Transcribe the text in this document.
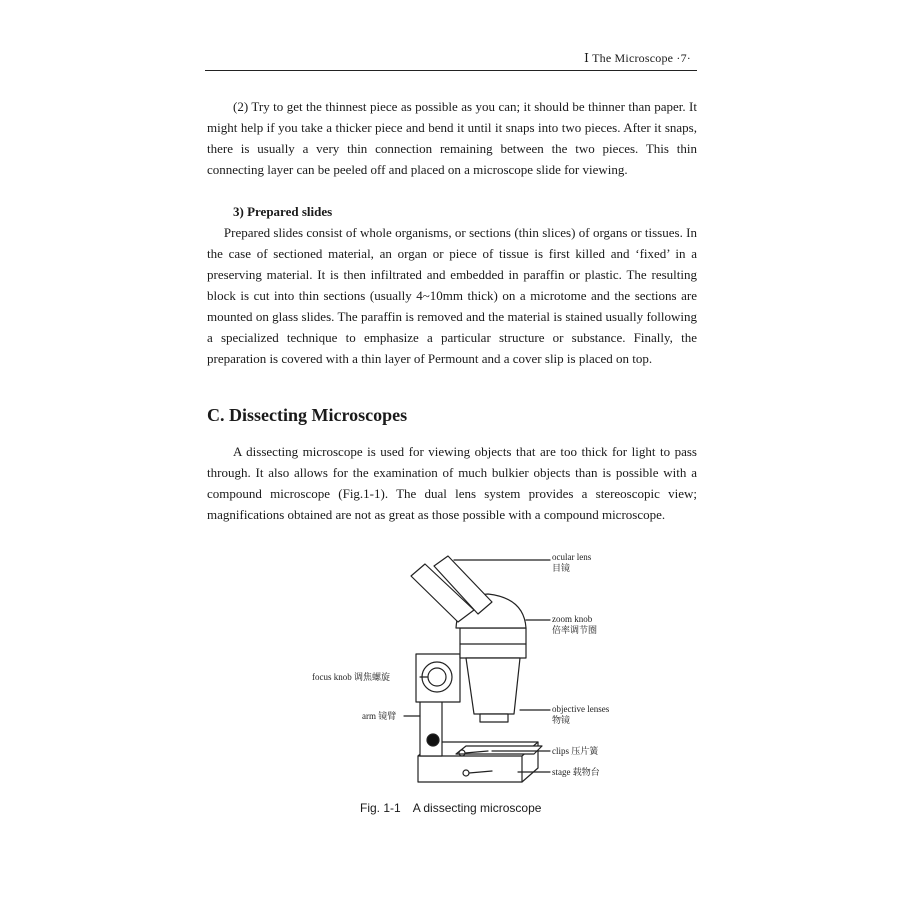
Ⅰ The Microscope ·7·

(2) Try to get the thinnest piece as possible as you can; it should be thinner than paper. It might help if you take a thicker piece and bend it until it snaps into two pieces. After it snaps, there is usually a very thin connection remaining between the two pieces. This thin connecting layer can be peeled off and placed on a microscope slide for viewing.

3) Prepared slides

Prepared slides consist of whole organisms, or sections (thin slices) of organs or tissues. In the case of sectioned material, an organ or piece of tissue is first killed and ‘fixed’ in a preserving material. It is then infiltrated and embedded in paraffin or plastic. The resulting block is cut into thin sections (usually 4~10mm thick) on a microtome and the sections are mounted on glass slides. The paraffin is removed and the material is stained usually following a specialized technique to emphasize a particular structure or substance. Finally, the preparation is covered with a thin layer of Permount and a cover slip is placed on top.

C. Dissecting Microscopes

A dissecting microscope is used for viewing objects that are too thick for light to pass through. It also allows for the examination of much bulkier objects than is possible with a compound microscope (Fig.1-1). The dual lens system provides a stereoscopic view; magnifications obtained are not as great as those possible with a compound microscope.

ocular lens
目镜
zoom knob
倍率调节圈
focus knob 调焦螺旋
arm 镜臂
objective lenses
物镜
clips 压片簧
stage 载物台
Fig. 1-1 A dissecting microscope
